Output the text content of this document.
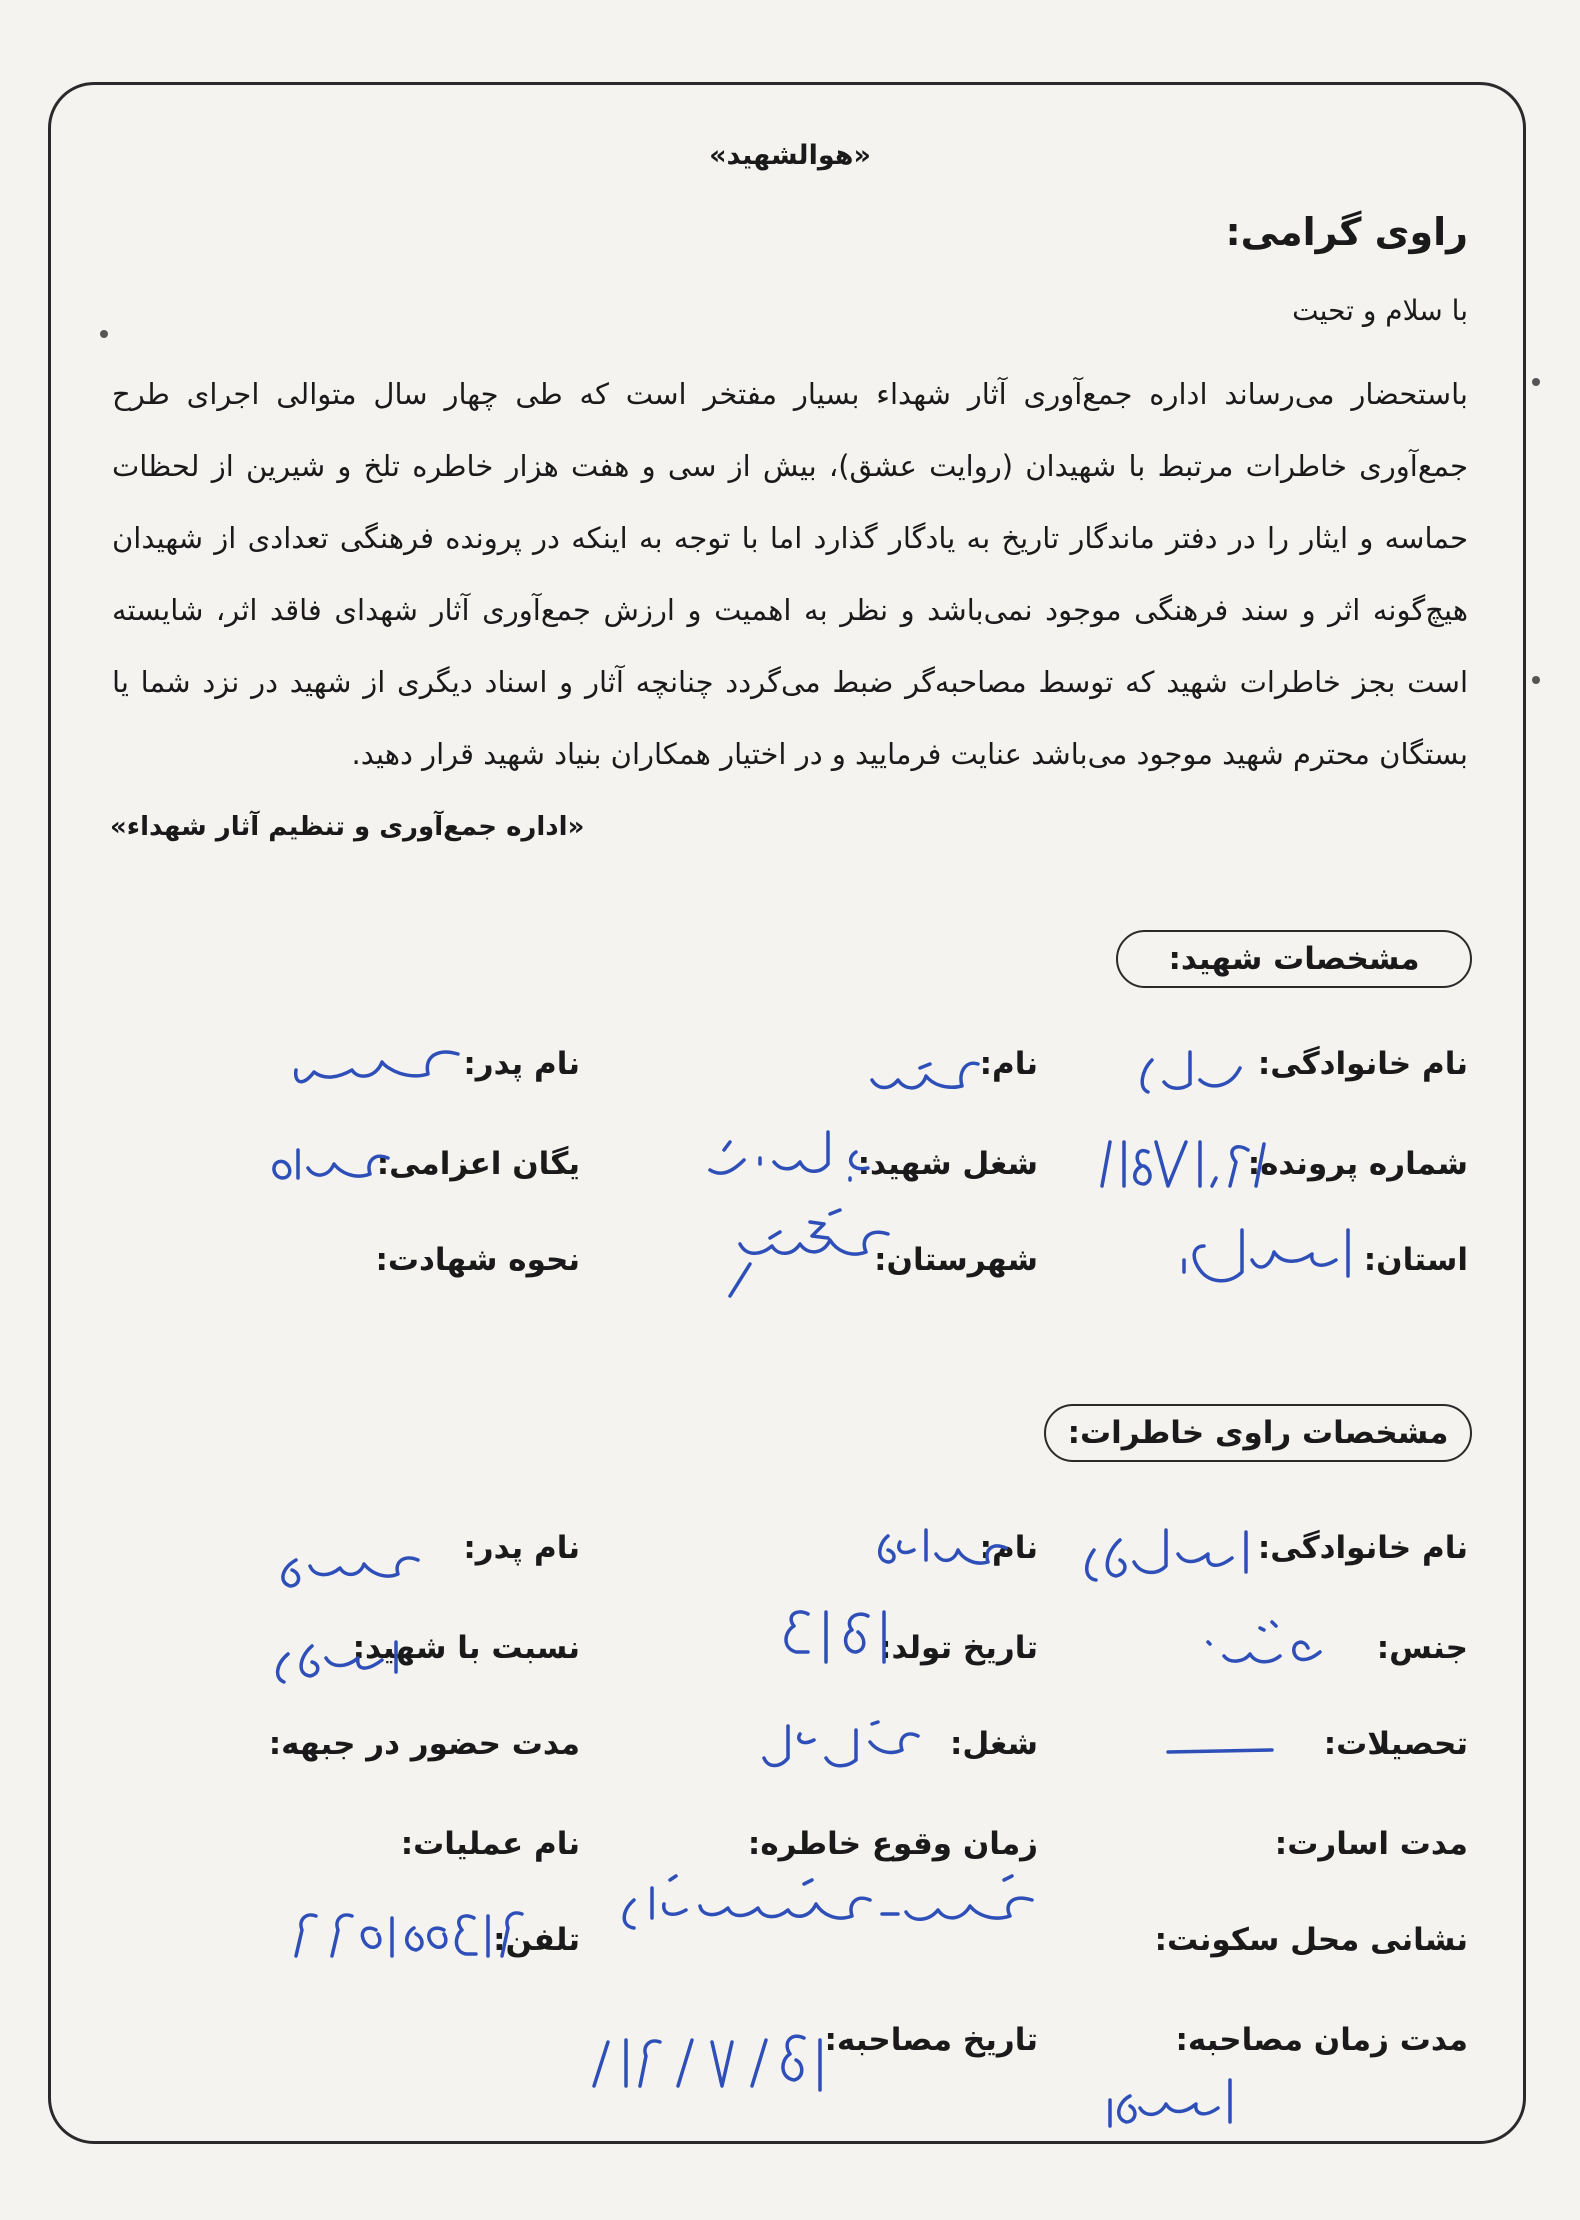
«هوالشهید»
راوی گرامی:
با سلام و تحیت
باستحضار می‌رساند اداره جمع‌آوری آثار شهداء بسیار مفتخر است که طی چهار سال متوالی اجرای طرح جمع‌آوری خاطرات مرتبط با شهیدان (روایت عشق)، بیش از سی و هفت هزار خاطره تلخ و شیرین از لحظات حماسه و ایثار را در دفتر ماندگار تاریخ به یادگار گذارد اما با توجه به اینکه در پرونده فرهنگی تعدادی از شهیدان هیچ‌گونه اثر و سند فرهنگی موجود نمی‌باشد و نظر به اهمیت و ارزش جمع‌آوری آثار شهدای فاقد اثر، شایسته است بجز خاطرات شهید که توسط مصاحبه‌گر ضبط می‌گردد چنانچه آثار و اسناد دیگری از شهید در نزد شما یا بستگان محترم شهید موجود می‌باشد عنایت فرمایید و در اختیار همکاران بنیاد شهید قرار دهید.
«اداره جمع‌آوری و تنظیم آثار شهداء»
مشخصات شهید:
نام خانوادگی:
نام:
نام پدر:
شماره پرونده:
شغل شهید:
یگان اعزامی:
استان:
شهرستان:
نحوه شهادت:
مشخصات راوی خاطرات:
نام خانوادگی:
نام:
نام پدر:
جنس:
تاریخ تولد:
نسبت با شهید:
تحصیلات:
شغل:
مدت حضور در جبهه:
مدت اسارت:
زمان وقوع خاطره:
نام عملیات:
نشانی محل سکونت:
تلفن:
مدت زمان مصاحبه:
تاریخ مصاحبه:
